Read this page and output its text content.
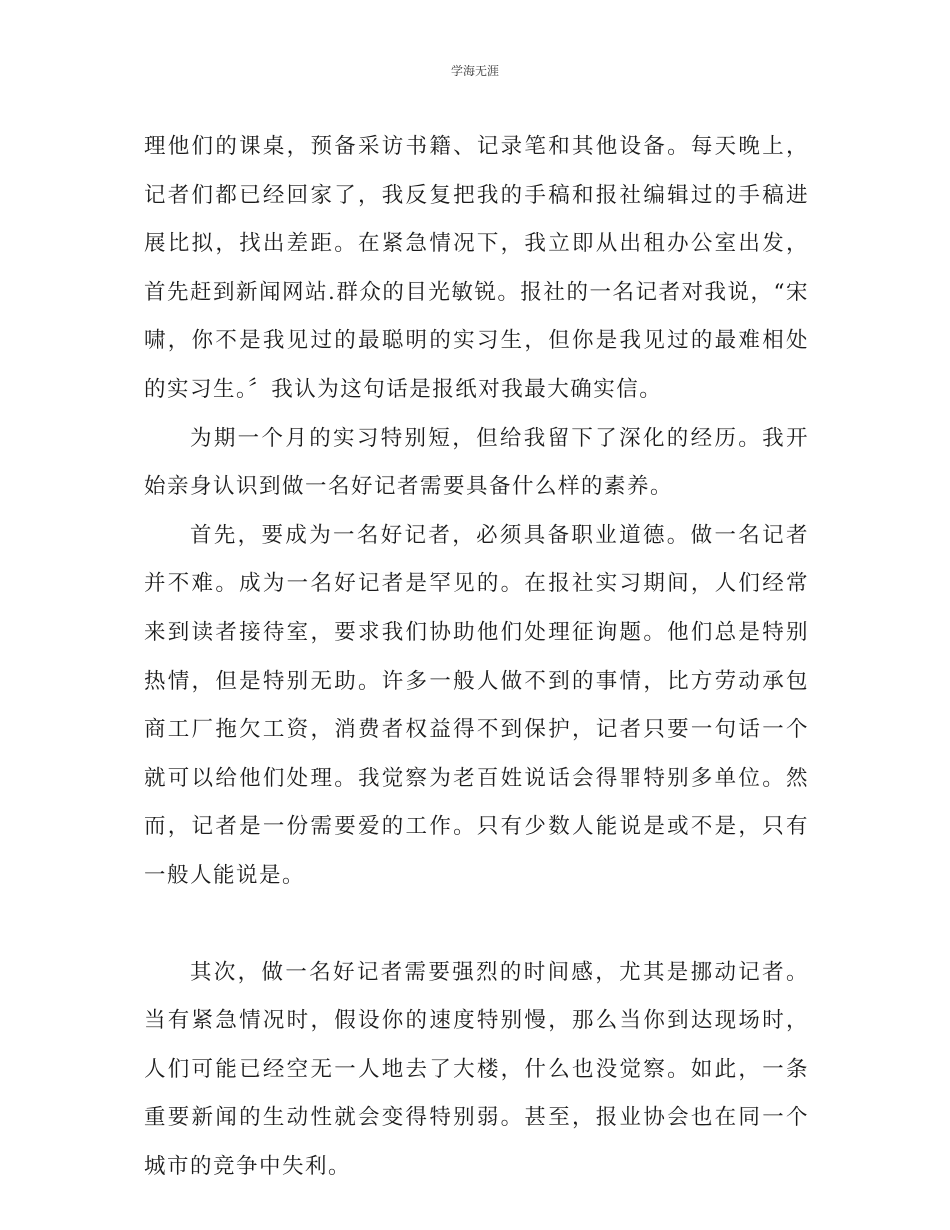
学海无涯

理他们的课桌，预备采访书籍、记录笔和其他设备。每天晚上，记者们都已经回家了，我反复把我的手稿和报社编辑过的手稿进展比拟，找出差距。在紧急情况下，我立即从出租办公室出发，首先赶到新闻网站.群众的目光敏锐。报社的一名记者对我说，“宋啸，你不是我见过的最聪明的实习生，但你是我见过的最难相处的实习生。〞我认为这句话是报纸对我最大确实信。

为期一个月的实习特别短，但给我留下了深化的经历。我开始亲身认识到做一名好记者需要具备什么样的素养。

首先，要成为一名好记者，必须具备职业道德。做一名记者并不难。成为一名好记者是罕见的。在报社实习期间，人们经常来到读者接待室，要求我们协助他们处理征询题。他们总是特别热情，但是特别无助。许多一般人做不到的事情，比方劳动承包商工厂拖欠工资，消费者权益得不到保护，记者只要一句话一个就可以给他们处理。我觉察为老百姓说话会得罪特别多单位。然而，记者是一份需要爱的工作。只有少数人能说是或不是，只有一般人能说是。

其次，做一名好记者需要强烈的时间感，尤其是挪动记者。当有紧急情况时，假设你的速度特别慢，那么当你到达现场时，人们可能已经空无一人地去了大楼，什么也没觉察。如此，一条重要新闻的生动性就会变得特别弱。甚至，报业协会也在同一个城市的竞争中失利。
